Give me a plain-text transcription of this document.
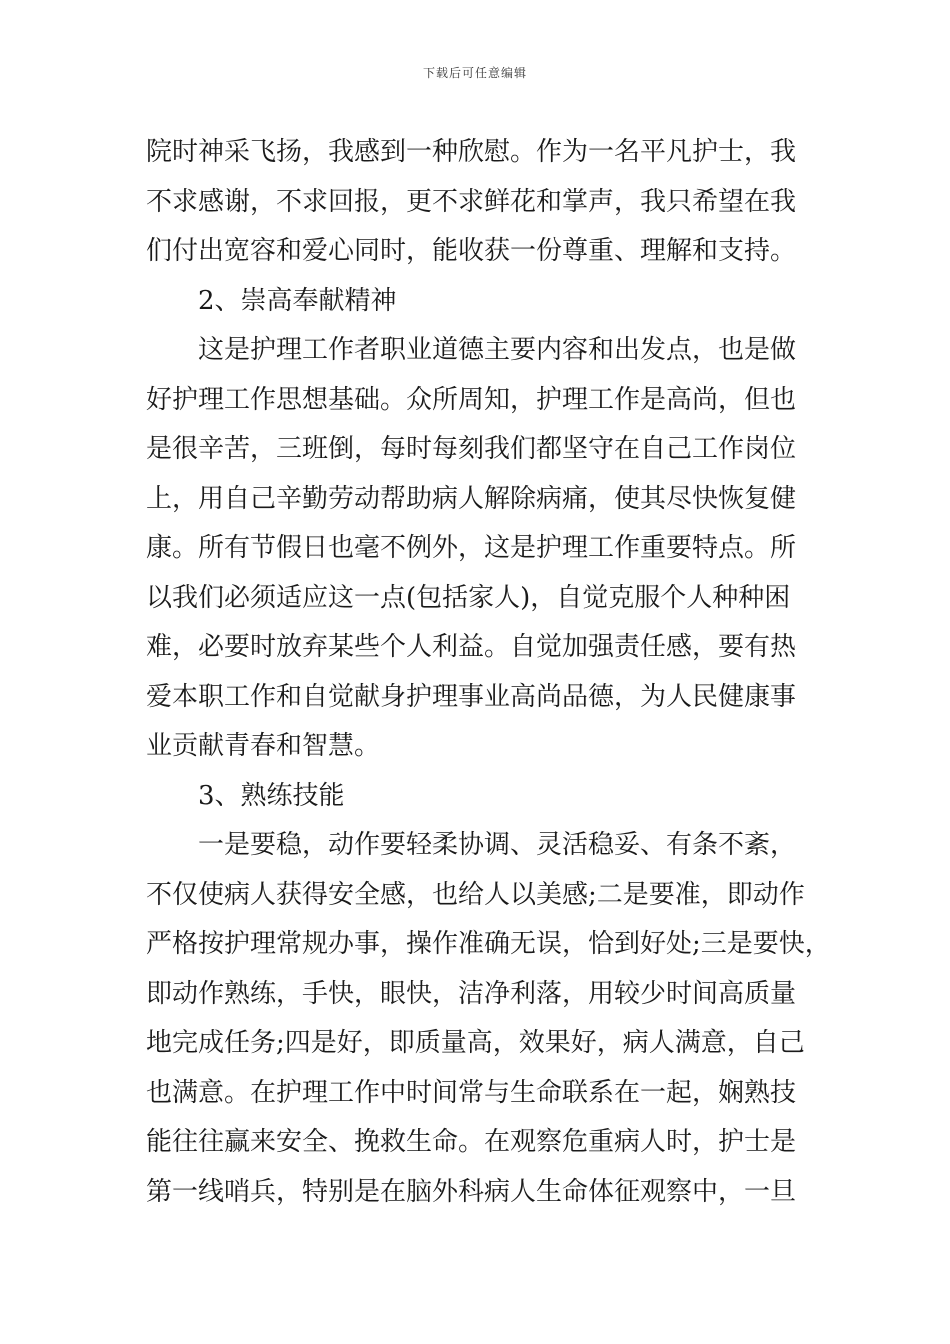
下载后可任意编辑
院时神采飞扬，我感到一种欣慰。作为一名平凡护士，我
不求感谢，不求回报，更不求鲜花和掌声，我只希望在我
们付出宽容和爱心同时，能收获一份尊重、理解和支持。
2、崇高奉献精神
这是护理工作者职业道德主要内容和出发点，也是做
好护理工作思想基础。众所周知，护理工作是高尚，但也
是很辛苦，三班倒，每时每刻我们都坚守在自己工作岗位
上，用自己辛勤劳动帮助病人解除病痛，使其尽快恢复健
康。所有节假日也毫不例外，这是护理工作重要特点。所
以我们必须适应这一点(包括家人)，自觉克服个人种种困
难，必要时放弃某些个人利益。自觉加强责任感，要有热
爱本职工作和自觉献身护理事业高尚品德，为人民健康事
业贡献青春和智慧。
3、熟练技能
一是要稳，动作要轻柔协调、灵活稳妥、有条不紊，
不仅使病人获得安全感，也给人以美感;二是要准，即动作
严格按护理常规办事，操作准确无误，恰到好处;三是要快，
即动作熟练，手快，眼快，洁净利落，用较少时间高质量
地完成任务;四是好，即质量高，效果好，病人满意，自己
也满意。在护理工作中时间常与生命联系在一起，娴熟技
能往往赢来安全、挽救生命。在观察危重病人时，护士是
第一线哨兵，特别是在脑外科病人生命体征观察中，一旦
